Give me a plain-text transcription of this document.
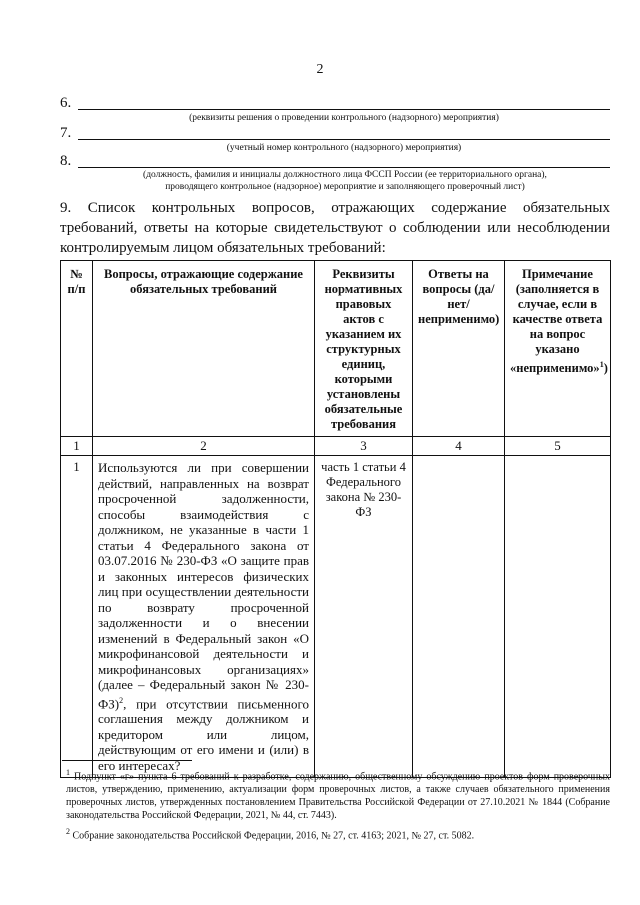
2
6.
(реквизиты решения о проведении контрольного (надзорного) мероприятия)
7.
(учетный номер контрольного (надзорного) мероприятия)
8.
(должность, фамилия и инициалы должностного лица ФССП России (ее территориального органа), проводящего контрольное (надзорное) мероприятие и заполняющего проверочный лист)
9. Список контрольных вопросов, отражающих содержание обязательных требований, ответы на которые свидетельствуют о соблюдении или несоблюдении контролируемым лицом обязательных требований:
№ п/п	Вопросы, отражающие содержание обязательных требований	Реквизиты нормативных правовых актов с указанием их структурных единиц, которыми установлены обязательные требования	Ответы на вопросы (да/нет/ неприменимо)	Примечание (заполняется в случае, если в качестве ответа на вопрос указано «неприменимо»$^1$)
1	2	3	4	5
1	Используются ли при совершении действий, направленных на возврат просроченной задолженности, способы взаимодействия с должником, не указанные в части 1 статьи 4 Федерального закона от 03.07.2016 № 230-ФЗ «О защите прав и законных интересов физических лиц при осуществлении деятельности по возврату просроченной задолженности и о внесении изменений в Федеральный закон «О микрофинансовой деятельности и микрофинансовых организациях» (далее – Федеральный закон № 230-ФЗ)$^2$, при отсутствии письменного соглашения между должником и кредитором или лицом, действующим от его имени и (или) в его интересах?	часть 1 статьи 4 Федерального закона № 230-ФЗ		

$^1$ Подпункт «г» пункта 6 требований к разработке, содержанию, общественному обсуждению проектов форм проверочных листов, утверждению, применению, актуализации форм проверочных листов, а также случаев обязательного применения проверочных листов, утвержденных постановлением Правительства Российской Федерации от 27.10.2021 № 1844 (Собрание законодательства Российской Федерации, 2021, № 44, ст. 7443).

$^2$ Собрание законодательства Российской Федерации, 2016, № 27, ст. 4163; 2021, № 27, ст. 5082.
